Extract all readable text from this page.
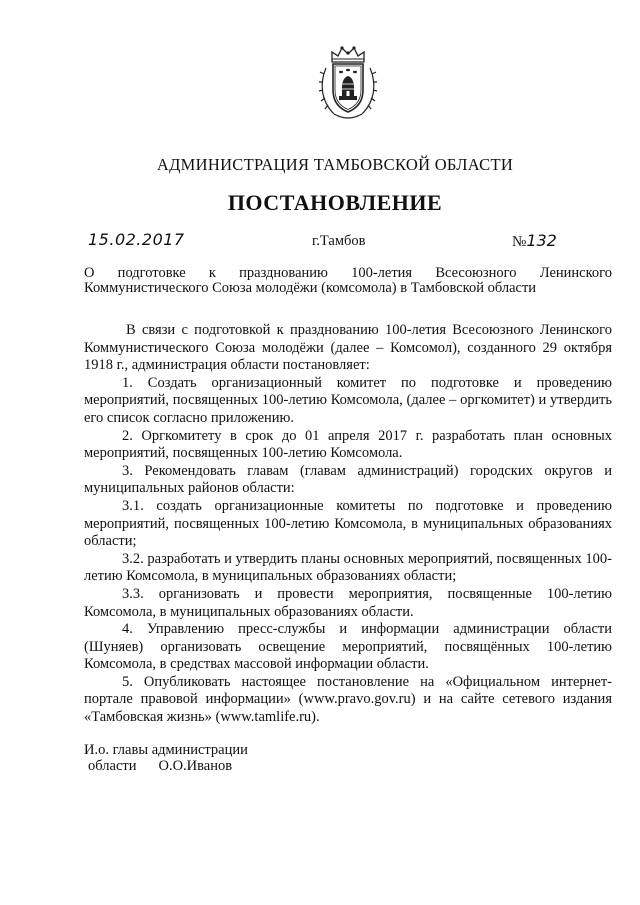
АДМИНИСТРАЦИЯ ТАМБОВСКОЙ ОБЛАСТИ
ПОСТАНОВЛЕНИЕ
15.02.2017	г.Тамбов	№132
О подготовке к празднованию 100-летия Всесоюзного Ленинского
Коммунистического Союза молодёжи (комсомола) в Тамбовской области

В связи с подготовкой к празднованию 100-летия Всесоюзного Ленинского Коммунистического Союза молодёжи (далее – Комсомол), созданного 29 октября 1918 г., администрация области постановляет:

1. Создать организационный комитет по подготовке и проведению мероприятий, посвященных 100-летию Комсомола, (далее – оргкомитет) и утвердить его список согласно приложению.

2. Оргкомитету в срок до 01 апреля 2017 г. разработать план основных мероприятий, посвященных 100-летию Комсомола.

3. Рекомендовать главам (главам администраций) городских округов и муниципальных районов области:

3.1. создать организационные комитеты по подготовке и проведению мероприятий, посвященных 100-летию Комсомола, в муниципальных образованиях области;

3.2. разработать и утвердить планы основных мероприятий, посвященных 100-летию Комсомола, в муниципальных образованиях области;

3.3. организовать и провести мероприятия, посвященные 100-летию Комсомола, в муниципальных образованиях области.

4. Управлению пресс-службы и информации администрации области (Шуняев) организовать освещение мероприятий, посвящённых 100-летию Комсомола, в средствах массовой информации области.

5. Опубликовать настоящее постановление на «Официальном интернет-портале правовой информации» (www.pravo.gov.ru) и на сайте сетевого издания «Тамбовская жизнь» (www.tamlife.ru).

И.о. главы администрации
области О.О.Иванов
